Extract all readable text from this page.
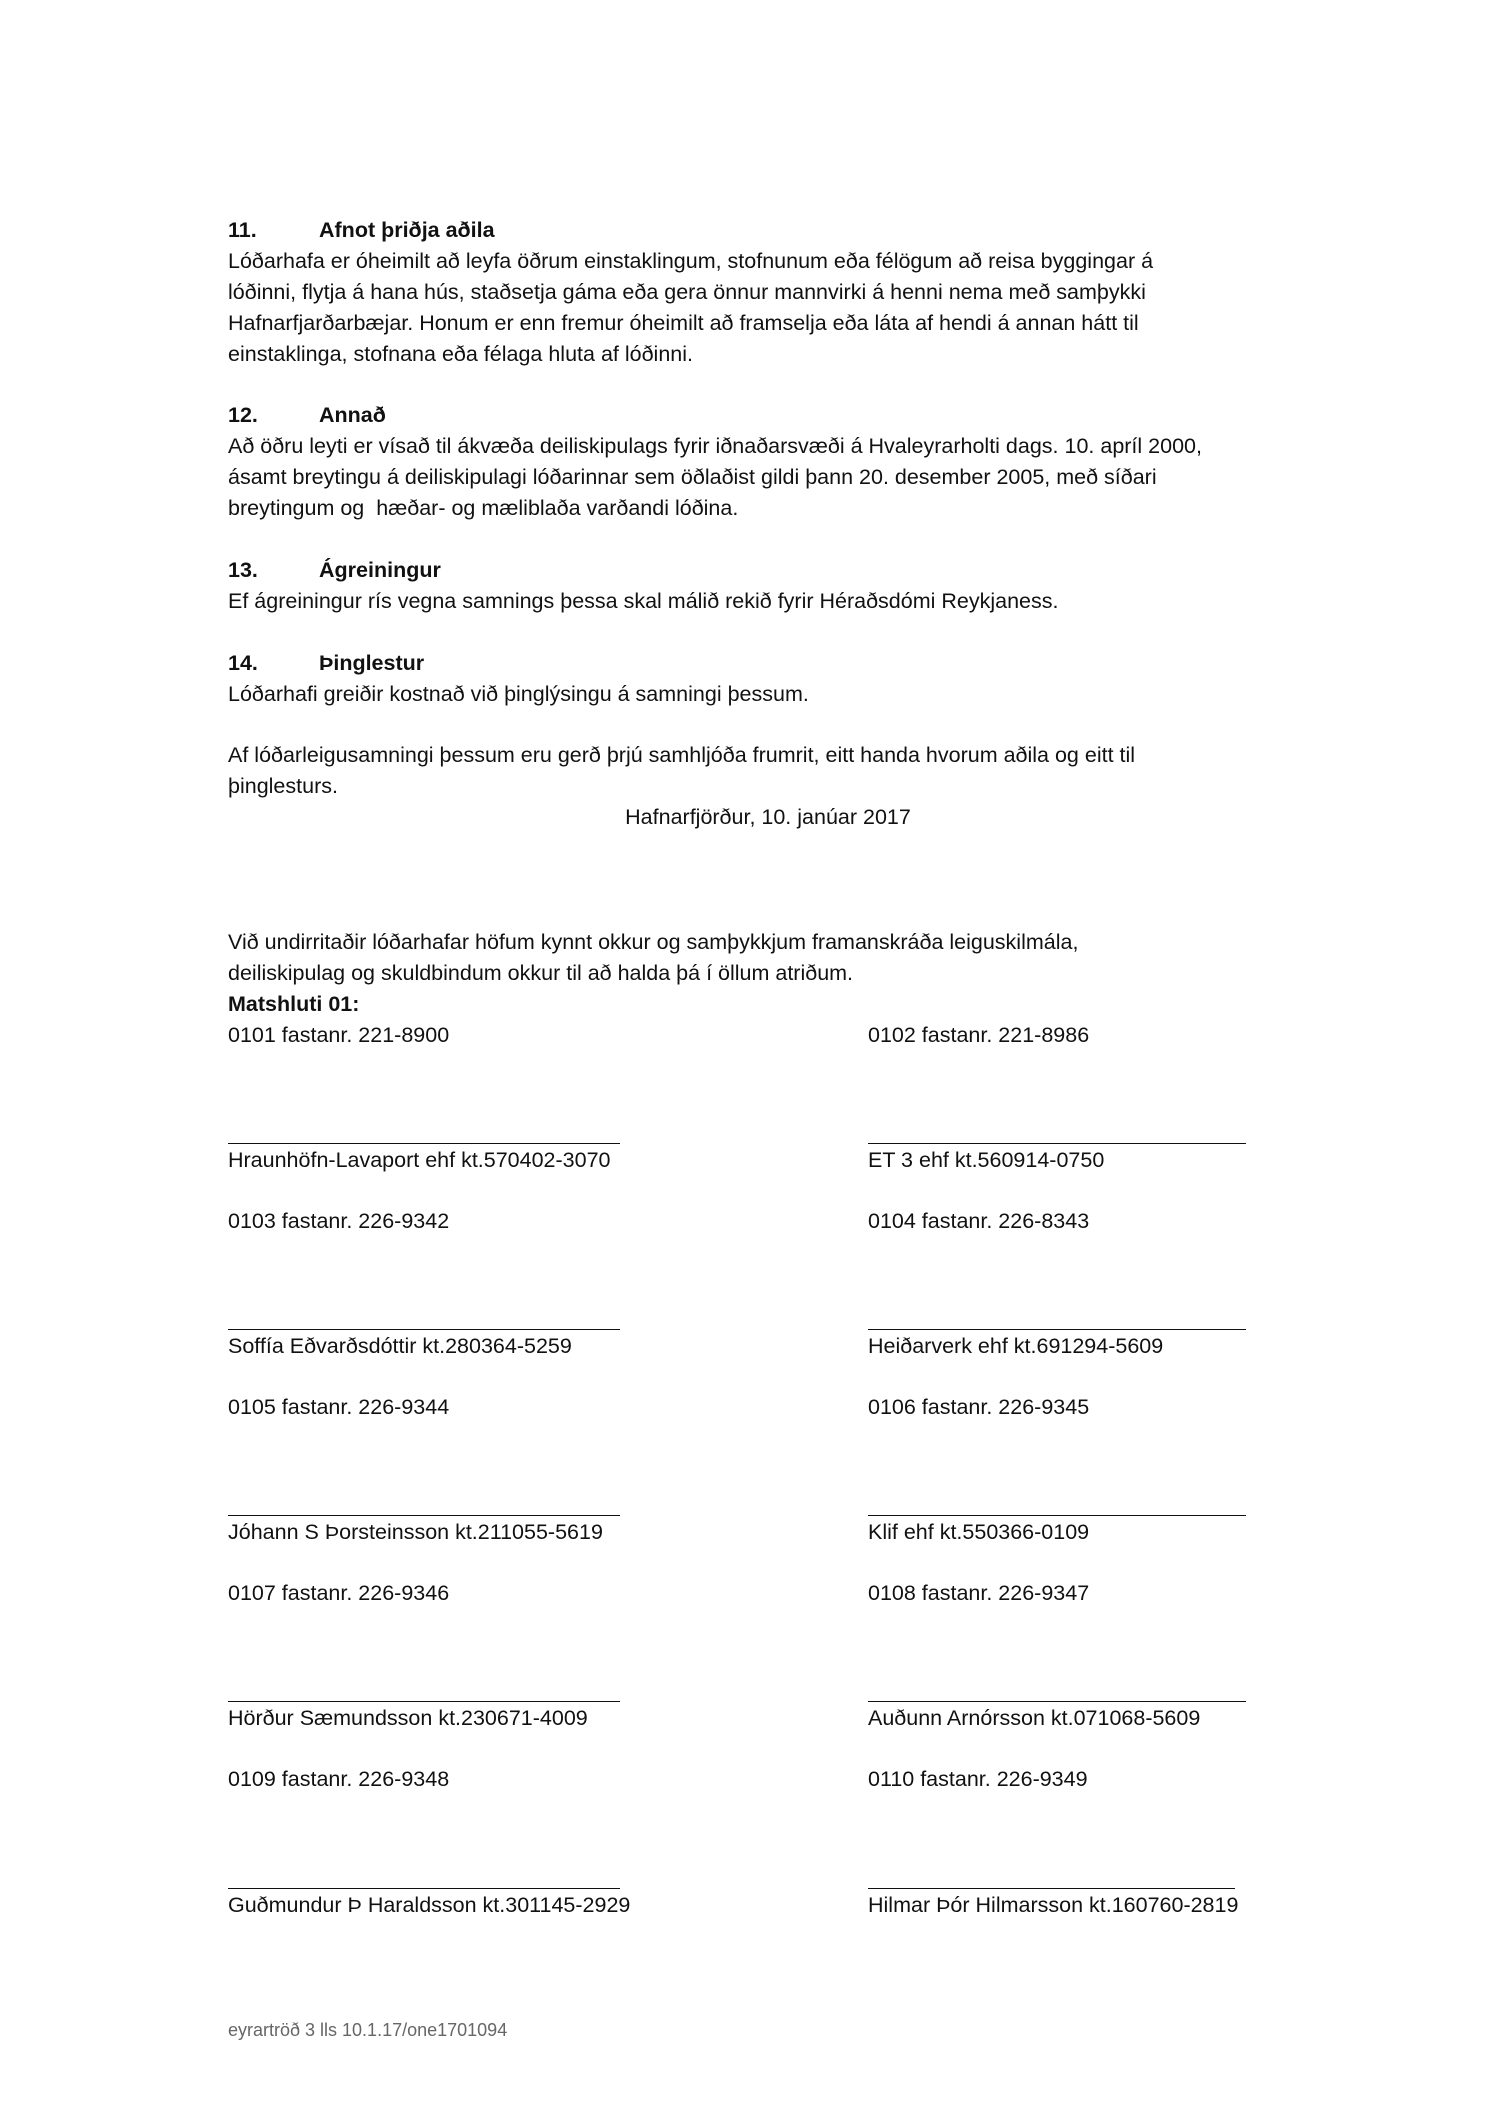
11.	Afnot þriðja aðila

Lóðarhafa er óheimilt að leyfa öðrum einstaklingum, stofnunum eða félögum að reisa byggingar á

lóðinni, flytja á hana hús, staðsetja gáma eða gera önnur mannvirki á henni nema með samþykki

Hafnarfjarðarbæjar. Honum er enn fremur óheimilt að framselja eða láta af hendi á annan hátt til

einstaklinga, stofnana eða félaga hluta af lóðinni.

12.	Annað

Að öðru leyti er vísað til ákvæða deiliskipulags fyrir iðnaðarsvæði á Hvaleyrarholti dags. 10. apríl 2000,

ásamt breytingu á deiliskipulagi lóðarinnar sem öðlaðist gildi þann 20. desember 2005, með síðari

breytingum og  hæðar- og mæliblaða varðandi lóðina.

13.	Ágreiningur

Ef ágreiningur rís vegna samnings þessa skal málið rekið fyrir Héraðsdómi Reykjaness.

14.	Þinglestur

Lóðarhafi greiðir kostnað við þinglýsingu á samningi þessum.

Af lóðarleigusamningi þessum eru gerð þrjú samhljóða frumrit, eitt handa hvorum aðila og eitt til

þinglesturs.

Hafnarfjörður, 10. janúar 2017

Við undirritaðir lóðarhafar höfum kynnt okkur og samþykkjum framanskráða leiguskilmála,

deiliskipulag og skuldbindum okkur til að halda þá í öllum atriðum.

Matshluti 01:

0101 fastanr. 221-8900	0102 fastanr. 221-8986
Hraunhöfn-Lavaport ehf kt.570402-3070	ET 3 ehf kt.560914-0750
0103 fastanr. 226-9342	0104 fastanr. 226-8343
Soffía Eðvarðsdóttir kt.280364-5259	Heiðarverk ehf kt.691294-5609
0105 fastanr. 226-9344	0106 fastanr. 226-9345
Jóhann S Þorsteinsson kt.211055-5619	Klif ehf kt.550366-0109
0107 fastanr. 226-9346	0108 fastanr. 226-9347
Hörður Sæmundsson kt.230671-4009	Auðunn Arnórsson kt.071068-5609
0109 fastanr. 226-9348	0110 fastanr. 226-9349
Guðmundur Þ Haraldsson kt.301145-2929	Hilmar Þór Hilmarsson kt.160760-2819
eyrartröð 3 lls 10.1.17/one1701094
